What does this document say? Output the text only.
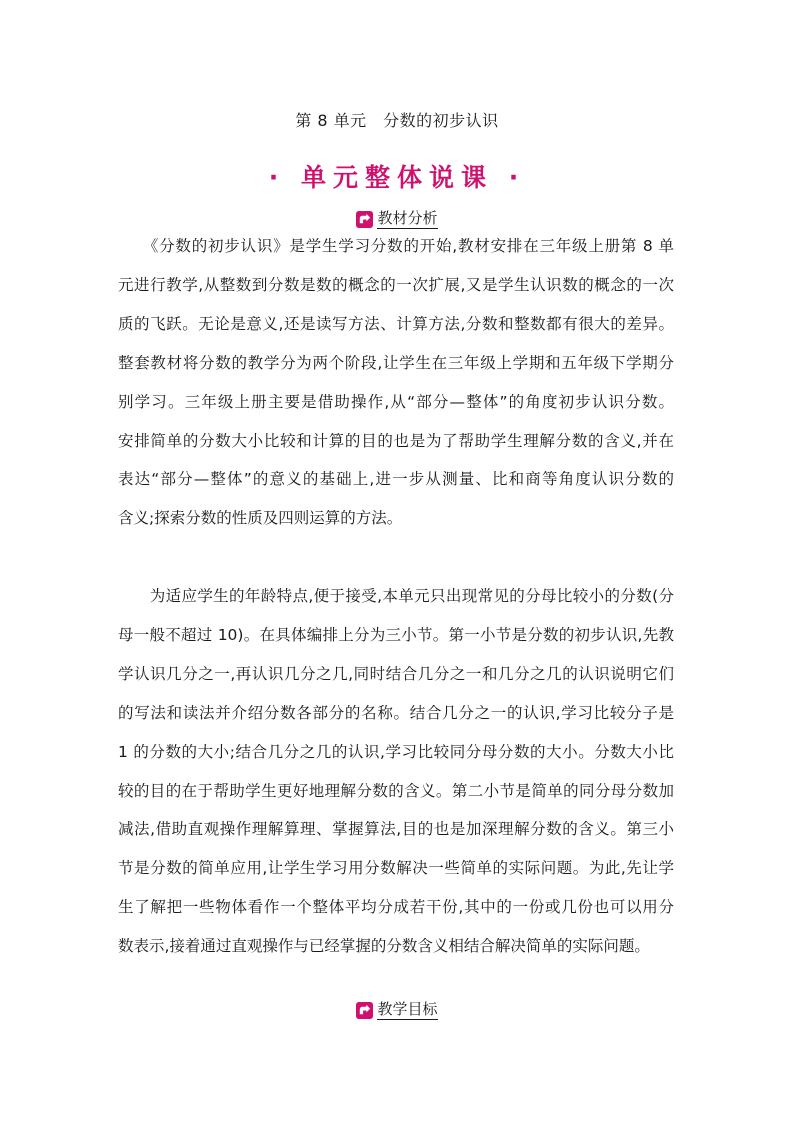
第 8 单元　分数的初步认识
· 单元整体说课 ·
教材分析
　　《分数的初步认识》是学生学习分数的开始,教材安排在三年级上册第 8 单
元进行教学,从整数到分数是数的概念的一次扩展,又是学生认识数的概念的一次
质的飞跃。无论是意义,还是读写方法、计算方法,分数和整数都有很大的差异。
整套教材将分数的教学分为两个阶段,让学生在三年级上学期和五年级下学期分
别学习。三年级上册主要是借助操作,从“部分—整体”的角度初步认识分数。
安排简单的分数大小比较和计算的目的也是为了帮助学生理解分数的含义,并在
表达“部分—整体”的意义的基础上,进一步从测量、比和商等角度认识分数的
含义;探索分数的性质及四则运算的方法。
　　为适应学生的年龄特点,便于接受,本单元只出现常见的分母比较小的分数(分
母一般不超过 10)。在具体编排上分为三小节。第一小节是分数的初步认识,先教
学认识几分之一,再认识几分之几,同时结合几分之一和几分之几的认识说明它们
的写法和读法并介绍分数各部分的名称。结合几分之一的认识,学习比较分子是
1 的分数的大小;结合几分之几的认识,学习比较同分母分数的大小。分数大小比
较的目的在于帮助学生更好地理解分数的含义。第二小节是简单的同分母分数加
减法,借助直观操作理解算理、掌握算法,目的也是加深理解分数的含义。第三小
节是分数的简单应用,让学生学习用分数解决一些简单的实际问题。为此,先让学
生了解把一些物体看作一个整体平均分成若干份,其中的一份或几份也可以用分
数表示,接着通过直观操作与已经掌握的分数含义相结合解决简单的实际问题。
教学目标
